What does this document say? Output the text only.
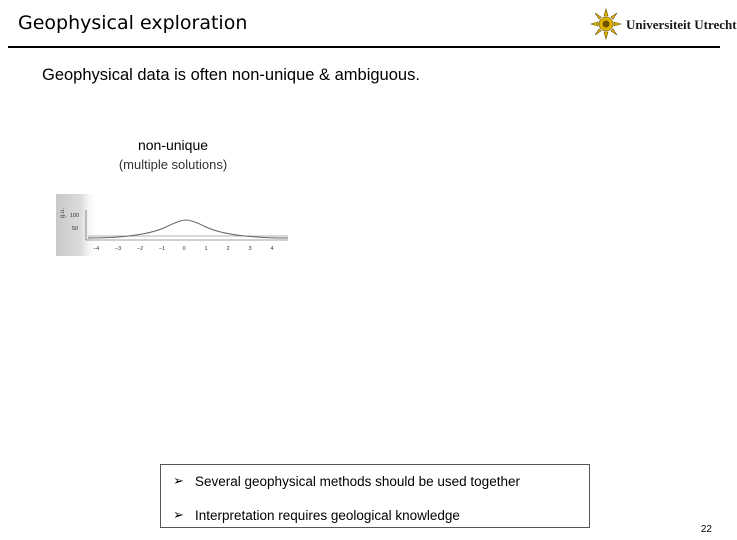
Geophysical exploration	Universiteit Utrecht
Geophysical data is often non-unique & ambiguous.
non-unique
(multiple solutions)
g.u. 100
50
−4	−3	−2	−1	0	1	2	3	4
➢ Several geophysical methods should be used together
➢ Interpretation requires geological knowledge
22
